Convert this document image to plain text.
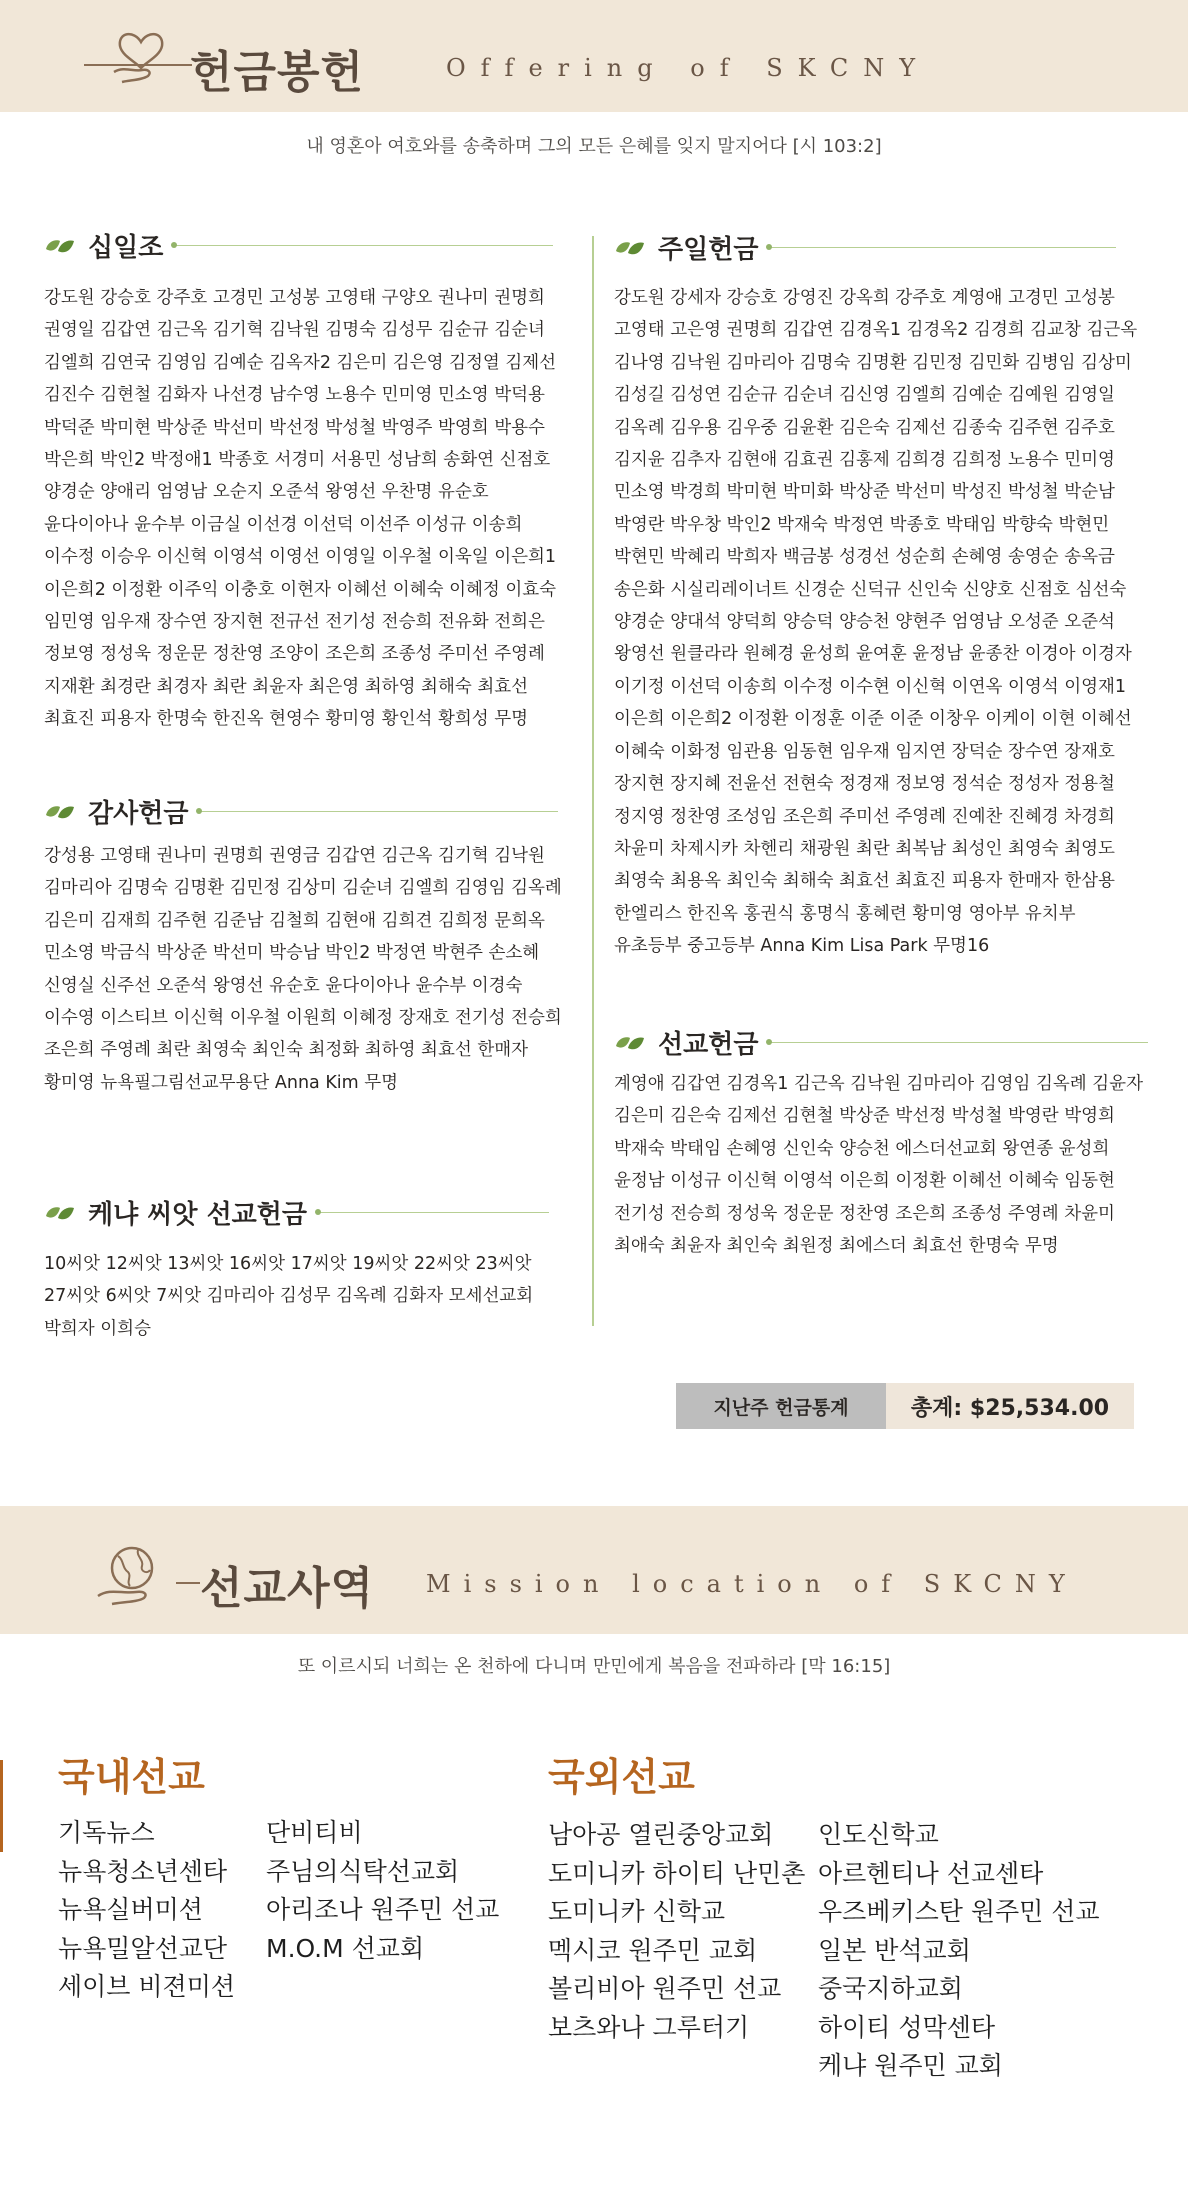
헌금봉헌	Offering of SKCNY
내 영혼아 여호와를 송축하며 그의 모든 은혜를 잊지 말지어다 [시 103:2]
십일조
강도원 강승호 강주호 고경민 고성봉 고영태 구양오 권나미 권명희 권영일 김갑연 김근옥 김기혁 김낙원 김명숙 김성무 김순규 김순녀 김엘희 김연국 김영임 김예순 김옥자2 김은미 김은영 김정열 김제선 김진수 김현철 김화자 나선경 남수영 노용수 민미영 민소영 박덕용 박덕준 박미현 박상준 박선미 박선정 박성철 박영주 박영희 박용수 박은희 박인2 박정애1 박종호 서경미 서용민 성남희 송화연 신점호 양경순 양애리 엄영남 오순지 오준석 왕영선 우찬명 유순호 윤다이아나 윤수부 이금실 이선경 이선덕 이선주 이성규 이송희 이수정 이승우 이신혁 이영석 이영선 이영일 이우철 이욱일 이은희1 이은희2 이정환 이주익 이충호 이현자 이혜선 이혜숙 이혜정 이효숙 임민영 임우재 장수연 장지현 전규선 전기성 전승희 전유화 전희은 정보영 정성욱 정운문 정찬영 조양이 조은희 조종성 주미선 주영례 지재환 최경란 최경자 최란 최윤자 최은영 최하영 최해숙 최효선 최효진 피용자 한명숙 한진옥 현영수 황미영 황인석 황희성 무명
감사헌금
강성용 고영태 권나미 권명희 권영금 김갑연 김근옥 김기혁 김낙원 김마리아 김명숙 김명환 김민정 김상미 김순녀 김엘희 김영임 김옥례 김은미 김재희 김주현 김준남 김철희 김현애 김희견 김희정 문희옥 민소영 박금식 박상준 박선미 박승남 박인2 박정연 박현주 손소혜 신영실 신주선 오준석 왕영선 유순호 윤다이아나 윤수부 이경숙 이수영 이스티브 이신혁 이우철 이원희 이혜정 장재호 전기성 전승희 조은희 주영례 최란 최영숙 최인숙 최정화 최하영 최효선 한매자 황미영 뉴욕필그림선교무용단 Anna Kim 무명
케냐 씨앗 선교헌금
10씨앗 12씨앗 13씨앗 16씨앗 17씨앗 19씨앗 22씨앗 23씨앗 27씨앗 6씨앗 7씨앗 김마리아 김성무 김옥례 김화자 모세선교회 박희자 이희승
주일헌금
강도원 강세자 강승호 강영진 강옥희 강주호 계영애 고경민 고성봉 고영태 고은영 권명희 김갑연 김경옥1 김경옥2 김경희 김교창 김근옥 김나영 김낙원 김마리아 김명숙 김명환 김민정 김민화 김병임 김상미 김성길 김성연 김순규 김순녀 김신영 김엘희 김예순 김예원 김영일 김옥례 김우용 김우중 김윤환 김은숙 김제선 김종숙 김주현 김주호 김지윤 김추자 김현애 김효권 김홍제 김희경 김희정 노용수 민미영 민소영 박경희 박미현 박미화 박상준 박선미 박성진 박성철 박순남 박영란 박우창 박인2 박재숙 박정연 박종호 박태임 박향숙 박현민 박현민 박혜리 박희자 백금봉 성경선 성순희 손혜영 송영순 송옥금 송은화 시실리레이너트 신경순 신덕규 신인숙 신양호 신점호 심선숙 양경순 양대석 양덕희 양승덕 양승천 양현주 엄영남 오성준 오준석 왕영선 원클라라 원혜경 윤성희 윤여훈 윤정남 윤종찬 이경아 이경자 이기정 이선덕 이송희 이수정 이수현 이신혁 이연옥 이영석 이영재1 이은희 이은희2 이정환 이정훈 이준 이준 이창우 이케이 이현 이혜선 이혜숙 이화정 임관용 임동현 임우재 임지연 장덕순 장수연 장재호 장지현 장지혜 전윤선 전현숙 정경재 정보영 정석순 정성자 정용철 정지영 정찬영 조성임 조은희 주미선 주영례 진예찬 진혜경 차경희 차윤미 차제시카 차헨리 채광원 최란 최복남 최성인 최영숙 최영도 최영숙 최용옥 최인숙 최해숙 최효선 최효진 피용자 한매자 한삼용 한엘리스 한진옥 홍권식 홍명식 홍혜련 황미영 영아부 유치부 유초등부 중고등부 Anna Kim Lisa Park 무명16
선교헌금
계영애 김갑연 김경옥1 김근옥 김낙원 김마리아 김영임 김옥례 김윤자 김은미 김은숙 김제선 김현철 박상준 박선정 박성철 박영란 박영희 박재숙 박태임 손혜영 신인숙 양승천 에스더선교회 왕연종 윤성희 윤정남 이성규 이신혁 이영석 이은희 이정환 이혜선 이혜숙 임동현 전기성 전승희 정성욱 정운문 정찬영 조은희 조종성 주영례 차윤미 최애숙 최윤자 최인숙 최원정 최에스더 최효선 한명숙 무명
지난주 헌금통계	총계: $25,534.00
선교사역 Mission location of SKCNY
또 이르시되 너희는 온 천하에 다니며 만민에게 복음을 전파하라 [막 16:15]
국내선교
기독뉴스
뉴욕청소년센타
뉴욕실버미션
뉴욕밀알선교단
세이브 비젼미션
단비티비
주님의식탁선교회
아리조나 원주민 선교
M.O.M 선교회
국외선교
남아공 열린중앙교회
도미니카 하이티 난민촌
도미니카 신학교
멕시코 원주민 교회
볼리비아 원주민 선교
보츠와나 그루터기
인도신학교
아르헨티나 선교센타
우즈베키스탄 원주민 선교
일본 반석교회
중국지하교회
하이티 성막센타
케냐 원주민 교회
